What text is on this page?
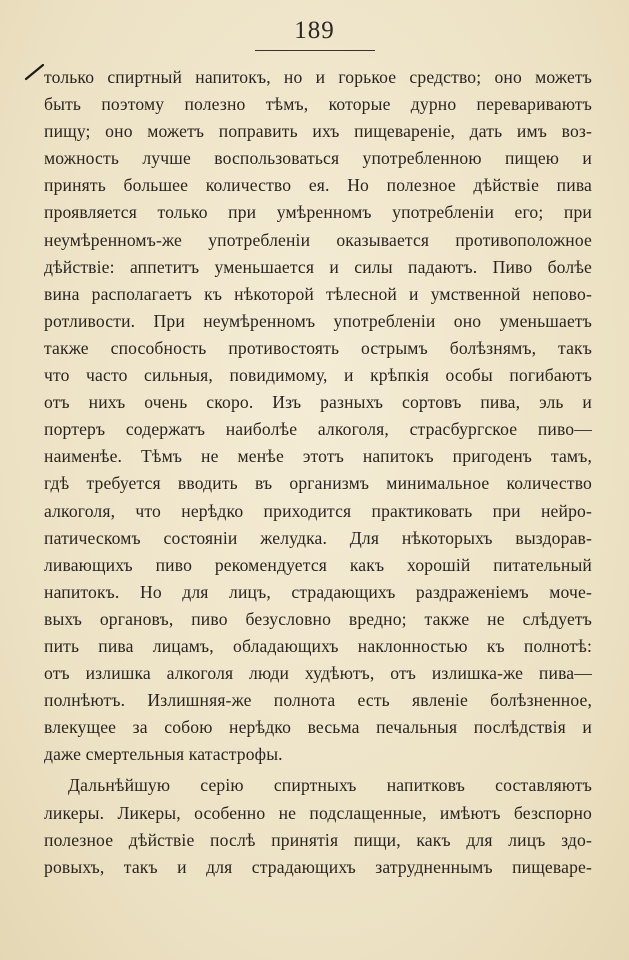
189
только спиртный напитокъ, но и горькое средство; оно можетъ
быть поэтому полезно тѣмъ, которые дурно перевариваютъ
пищу; оно можетъ поправить ихъ пищевареніе, дать имъ воз-
можность лучше воспользоваться употребленною пищею и
принять большее количество ея. Но полезное дѣйствіе пива
проявляется только при умѣренномъ употребленіи его; при
неумѣренномъ-же употребленіи оказывается противоположное
дѣйствіе: аппетитъ уменьшается и силы падаютъ. Пиво болѣе
вина располагаетъ къ нѣкоторой тѣлесной и умственной неповo-
ротливости. При неумѣренномъ употребленіи оно уменьшаетъ
также способность противостоять острымъ болѣзнямъ, такъ
что часто сильныя, повидимому, и крѣпкія особы погибаютъ
отъ нихъ очень скоро. Изъ разныхъ сортовъ пива, эль и
портеръ содержатъ наиболѣе алкоголя, страсбургское пиво—
наименѣе. Тѣмъ не менѣе этотъ напитокъ пригоденъ тамъ,
гдѣ требуется вводить въ организмъ минимальное количество
алкоголя, что нерѣдко приходится практиковать при нейро-
патическомъ состояніи желудка. Для нѣкоторыхъ выздорав-
ливающихъ пиво рекомендуется какъ хорошій питательный
напитокъ. Но для лицъ, страдающихъ раздраженіемъ моче-
выхъ органовъ, пиво безусловно вредно; также не слѣдуетъ
пить пива лицамъ, обладающихъ наклонностью къ полнотѣ:
отъ излишка алкоголя люди худѣютъ, отъ излишка-же пива—
полнѣютъ. Излишняя-же полнота есть явленіе болѣзненное,
влекущее за собою нерѣдко весьма печальныя послѣдствія и
даже смертельныя катастрофы.
Дальнѣйшую серію спиртныхъ напитковъ составляютъ
ликеры. Ликеры, особенно не подслащенные, имѣютъ безспорно
полезное дѣйствіе послѣ принятія пищи, какъ для лицъ здо-
ровыхъ, такъ и для страдающихъ затрудненнымъ пищеваре-
